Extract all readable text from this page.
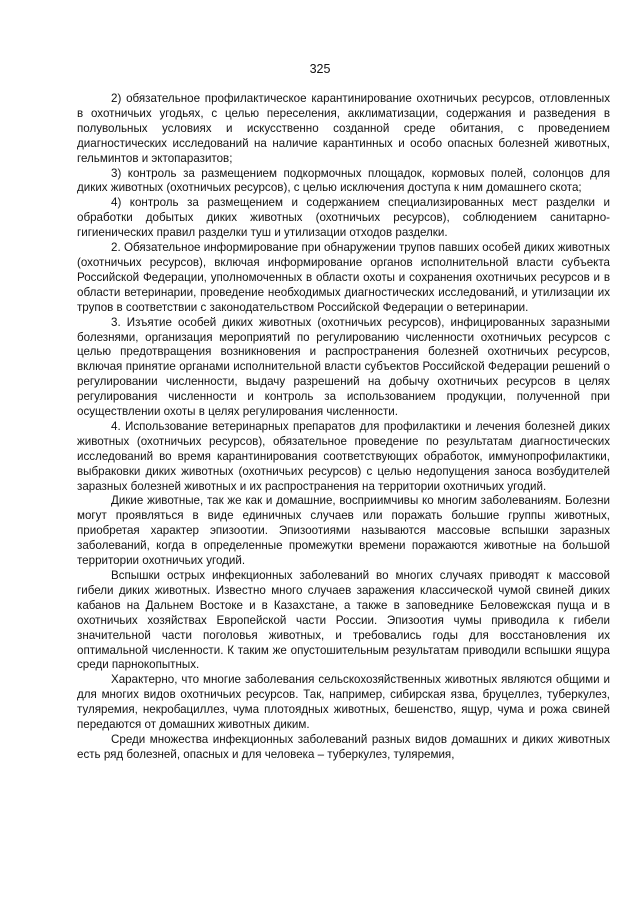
325

2) обязательное профилактическое карантинирование охотничьих ресурсов, отловленных в охотничьих угодьях, с целью переселения, акклиматизации, содержания и разведения в полувольных условиях и искусственно созданной среде обитания, с проведением диагностических исследований на наличие карантинных и особо опасных болезней животных, гельминтов и эктопаразитов;

3) контроль за размещением подкормочных площадок, кормовых полей, солонцов для диких животных (охотничьих ресурсов), с целью исключения доступа к ним домашнего скота;

4) контроль за размещением и содержанием специализированных мест разделки и обработки добытых диких животных (охотничьих ресурсов), соблюдением санитарно-гигиенических правил разделки туш и утилизации отходов разделки.

2. Обязательное информирование при обнаружении трупов павших особей диких животных (охотничьих ресурсов), включая информирование органов исполнительной власти субъекта Российской Федерации, уполномоченных в области охоты и сохранения охотничьих ресурсов и в области ветеринарии, проведение необходимых диагностических исследований, и утилизации их трупов в соответствии с законодательством Российской Федерации о ветеринарии.

3. Изъятие особей диких животных (охотничьих ресурсов), инфицированных заразными болезнями, организация мероприятий по регулированию численности охотничьих ресурсов с целью предотвращения возникновения и распространения болезней охотничьих ресурсов, включая принятие органами исполнительной власти субъектов Российской Федерации решений о регулировании численности, выдачу разрешений на добычу охотничьих ресурсов в целях регулирования численности и контроль за использованием продукции, полученной при осуществлении охоты в целях регулирования численности.

4. Использование ветеринарных препаратов для профилактики и лечения болезней диких животных (охотничьих ресурсов), обязательное проведение по результатам диагностических исследований во время карантинирования соответствующих обработок, иммунопрофилактики, выбраковки диких животных (охотничьих ресурсов) с целью недопущения заноса возбудителей заразных болезней животных и их распространения на территории охотничьих угодий.

Дикие животные, так же как и домашние, восприимчивы ко многим заболеваниям. Болезни могут проявляться в виде единичных случаев или поражать большие группы животных, приобретая характер эпизоотии. Эпизоотиями называются массовые вспышки заразных заболеваний, когда в определенные промежутки времени поражаются животные на большой территории охотничьих угодий.

Вспышки острых инфекционных заболеваний во многих случаях приводят к массовой гибели диких животных. Известно много случаев заражения классической чумой свиней диких кабанов на Дальнем Востоке и в Казахстане, а также в заповеднике Беловежская пуща и в охотничьих хозяйствах Европейской части России. Эпизоотия чумы приводила к гибели значительной части поголовья животных, и требовались годы для восстановления их оптимальной численности. К таким же опустошительным результатам приводили вспышки ящура среди парнокопытных.

Характерно, что многие заболевания сельскохозяйственных животных являются общими и для многих видов охотничьих ресурсов. Так, например, сибирская язва, бруцеллез, туберкулез, туляремия, некробациллез, чума плотоядных животных, бешенство, ящур, чума и рожа свиней передаются от домашних животных диким.

Среди множества инфекционных заболеваний разных видов домашних и диких животных есть ряд болезней, опасных и для человека – туберкулез, туляремия,
